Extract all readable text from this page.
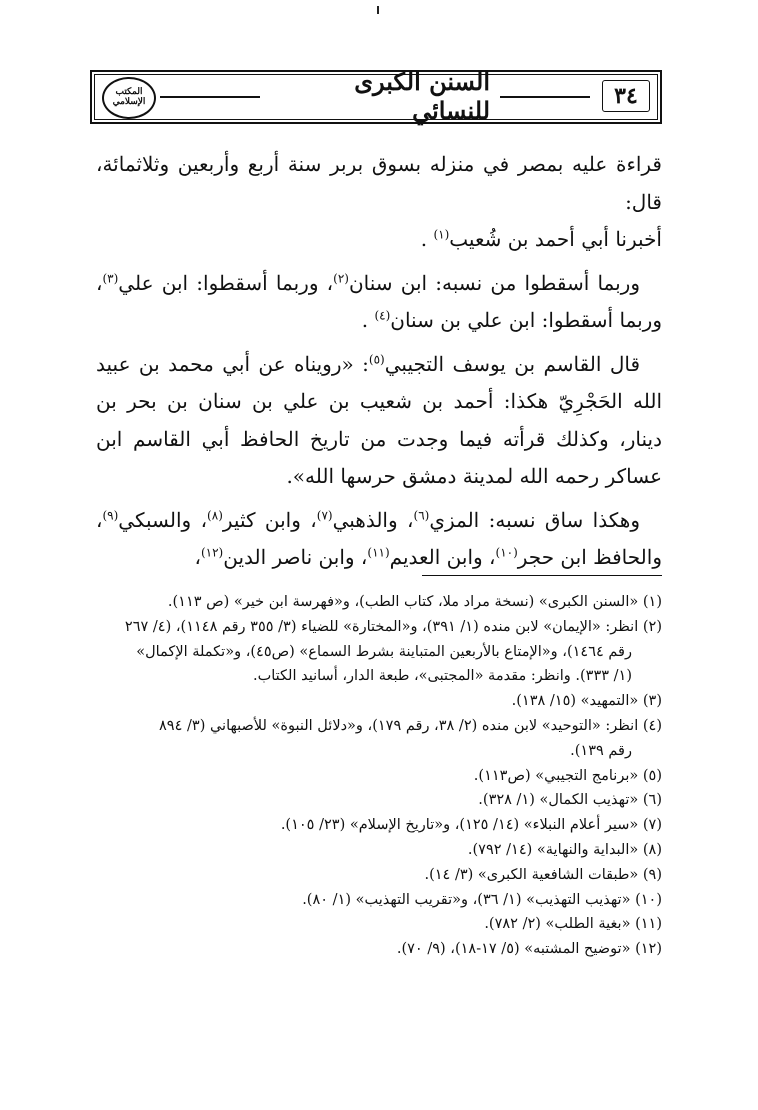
المكتب الإسلامي
السنن الكبرى للنسائي	٣٤

قراءة عليه بمصر في منزله بسوق بربر سنة أربع وأربعين وثلاثمائة، قال:
أخبرنا أبي أحمد بن شُعيب$^{(١)}$ .

وربما أسقطوا من نسبه: ابن سنان$^{(٢)}$، وربما أسقطوا: ابن علي$^{(٣)}$، وربما أسقطوا: ابن علي بن سنان$^{(٤)}$ .

قال القاسم بن يوسف التجيبي$^{(٥)}$: «رويناه عن أبي محمد بن عبيد الله الحَجْرِيّ هكذا: أحمد بن شعيب بن علي بن سنان بن بحر بن دينار، وكذلك قرأته فيما وجدت من تاريخ الحافظ أبي القاسم ابن عساكر رحمه الله لمدينة دمشق حرسها الله».

وهكذا ساق نسبه: المزي$^{(٦)}$، والذهبي$^{(٧)}$، وابن كثير$^{(٨)}$، والسبكي$^{(٩)}$، والحافظ ابن حجر$^{(١٠)}$، وابن العديم$^{(١١)}$، وابن ناصر الدين$^{(١٢)}$،

(١) «السنن الكبرى» (نسخة مراد ملا، كتاب الطب)، و«فهرسة ابن خير» (ص ١١٣).

(٢) انظر: «الإيمان» لابن منده (١/ ٣٩١)، و«المختارة» للضياء (٣/ ٣٥٥ رقم ١١٤٨)، (٤/ ٢٦٧
رقم ١٤٦٤)، و«الإمتاع بالأربعين المتباينة بشرط السماع» (ص٤٥)، و«تكملة الإكمال»
(١/ ٣٣٣). وانظر: مقدمة «المجتبى»، طبعة الدار، أسانيد الكتاب.

(٣) «التمهيد» (١٥/ ١٣٨).

(٤) انظر: «التوحيد» لابن منده (٢/ ٣٨، رقم ١٧٩)، و«دلائل النبوة» للأصبهاني (٣/ ٨٩٤
رقم ١٣٩).

(٥) «برنامج التجيبي» (ص١١٣).

(٦) «تهذيب الكمال» (١/ ٣٢٨).

(٧) «سير أعلام النبلاء» (١٤/ ١٢٥)، و«تاريخ الإسلام» (٢٣/ ١٠٥).

(٨) «البداية والنهاية» (١٤/ ٧٩٢).

(٩) «طبقات الشافعية الكبرى» (٣/ ١٤).

(١٠) «تهذيب التهذيب» (١/ ٣٦)، و«تقريب التهذيب» (١/ ٨٠).

(١١) «بغية الطلب» (٢/ ٧٨٢).

(١٢) «توضيح المشتبه» (٥/ ١٧-١٨)، (٩/ ٧٠).
